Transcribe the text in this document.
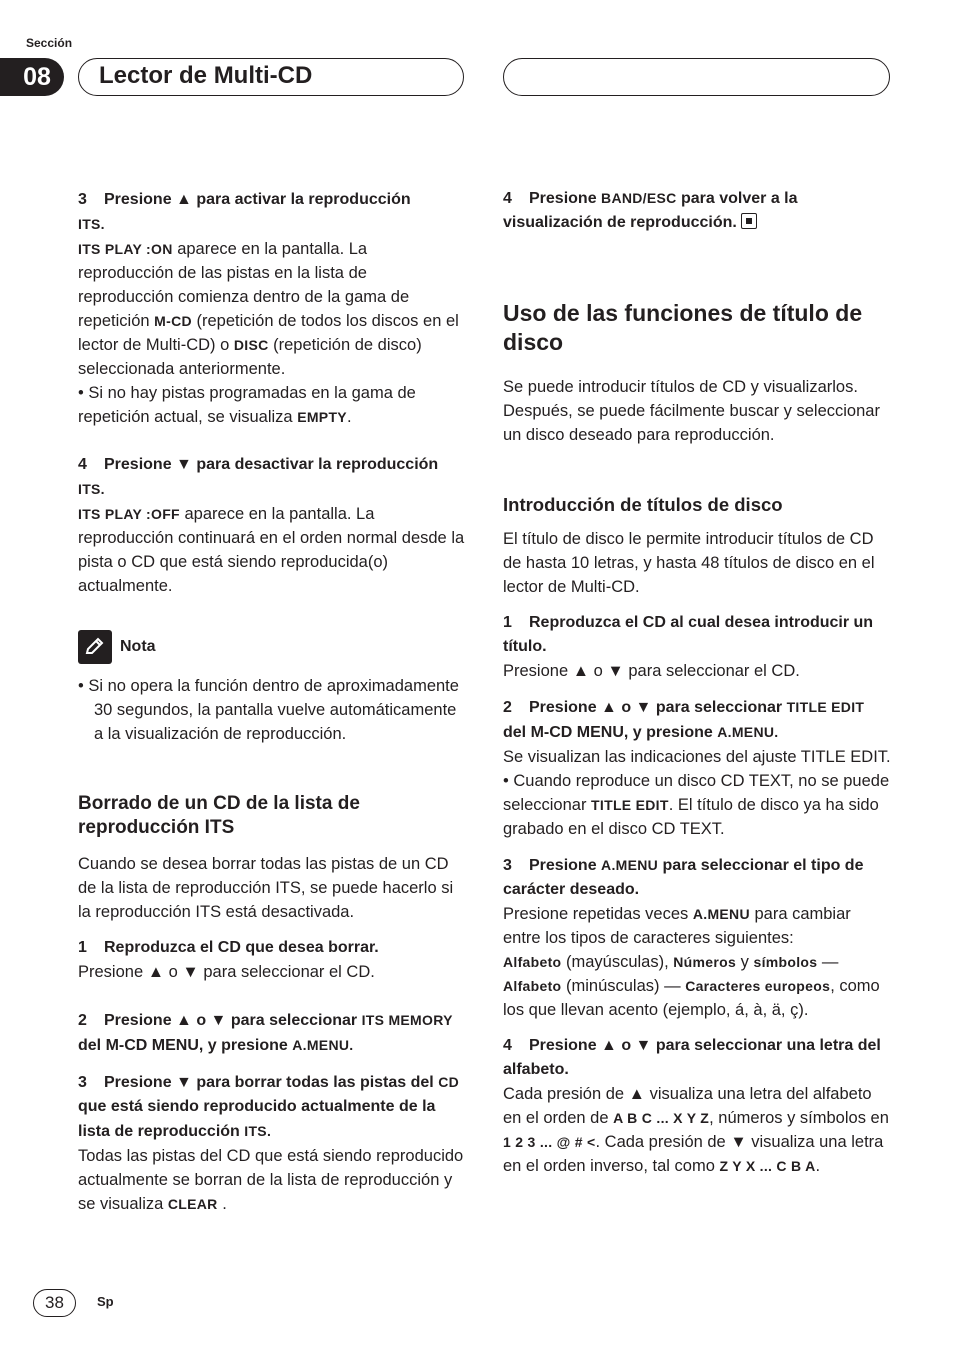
Sección
08	Lector de Multi-CD

3 Presione ▲ para activar la reproducción
ITS.

ITS PLAY :ON aparece en la pantalla. La reproducción de las pistas en la lista de reproducción comienza dentro de la gama de repetición M-CD (repetición de todos los discos en el lector de Multi-CD) o DISC (repetición de disco) seleccionada anteriormente.

• Si no hay pistas programadas en la gama de repetición actual, se visualiza EMPTY.

4 Presione ▼ para desactivar la reproducción
ITS.

ITS PLAY :OFF aparece en la pantalla. La reproducción continuará en el orden normal desde la pista o CD que está siendo reproducida(o) actualmente.

Nota

• Si no opera la función dentro de aproximadamente 30 segundos, la pantalla vuelve automáticamente a la visualización de reproducción.

Borrado de un CD de la lista de reproducción ITS

Cuando se desea borrar todas las pistas de un CD de la lista de reproducción ITS, se puede hacerlo si la reproducción ITS está desactivada.

1 Reproduzca el CD que desea borrar.

Presione ▲ o ▼ para seleccionar el CD.

2 Presione ▲ o ▼ para seleccionar ITS MEMORY del M-CD MENU, y presione A.MENU.

3 Presione ▼ para borrar todas las pistas del CD que está siendo reproducido actualmente de la lista de reproducción ITS.

Todas las pistas del CD que está siendo reproducido actualmente se borran de la lista de reproducción y se visualiza CLEAR .

4 Presione BAND/ESC para volver a la visualización de reproducción.

Uso de las funciones de título de disco

Se puede introducir títulos de CD y visualizarlos. Después, se puede fácilmente buscar y seleccionar un disco deseado para reproducción.

Introducción de títulos de disco

El título de disco le permite introducir títulos de CD de hasta 10 letras, y hasta 48 títulos de disco en el lector de Multi-CD.

1 Reproduzca el CD al cual desea introducir un título.

Presione ▲ o ▼ para seleccionar el CD.

2 Presione ▲ o ▼ para seleccionar TITLE EDIT del M-CD MENU, y presione A.MENU.

Se visualizan las indicaciones del ajuste TITLE EDIT.

• Cuando reproduce un disco CD TEXT, no se puede seleccionar TITLE EDIT. El título de disco ya ha sido grabado en el disco CD TEXT.

3 Presione A.MENU para seleccionar el tipo de carácter deseado.

Presione repetidas veces A.MENU para cambiar entre los tipos de caracteres siguientes:

Alfabeto (mayúsculas), Números y símbolos — Alfabeto (minúsculas) — Caracteres europeos, como los que llevan acento (ejemplo, á, à, ä, ç).

4 Presione ▲ o ▼ para seleccionar una letra del alfabeto.

Cada presión de ▲ visualiza una letra del alfabeto en el orden de A B C ... X Y Z, números y símbolos en 1 2 3 ... @ # <. Cada presión de ▼ visualiza una letra en el orden inverso, tal como Z Y X ... C B A.

38	Sp
